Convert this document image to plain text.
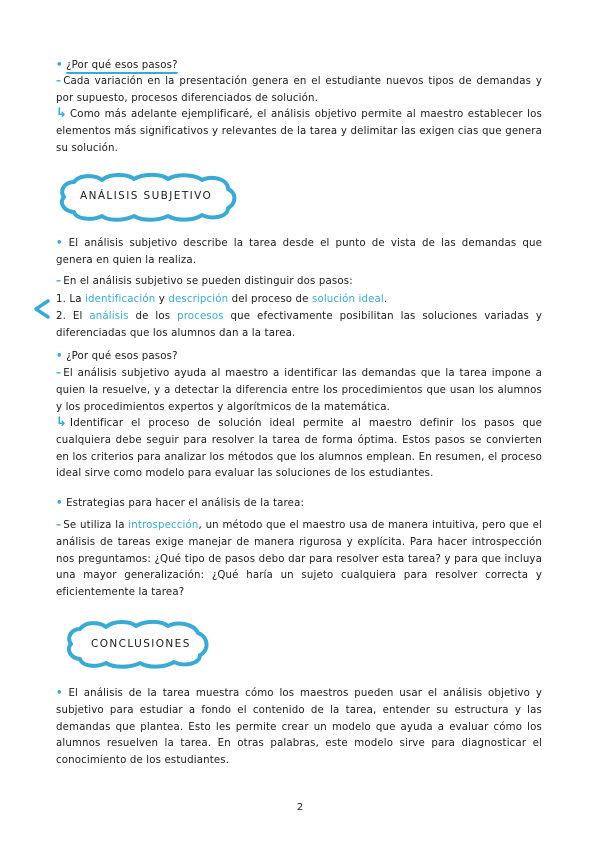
• ¿Por qué esos pasos?
– Cada variación en la presentación genera en el estudiante nuevos tipos de demandas y por supuesto, procesos diferenciados de solución.
↳ Como más adelante ejemplificaré, el análisis objetivo permite al maestro establecer los elementos más significativos y relevantes de la tarea y delimitar las exigen cias que genera su solución.
ANÁLISIS SUBJETIVO
• El análisis subjetivo describe la tarea desde el punto de vista de las demandas que genera en quien la realiza.
– En el análisis subjetivo se pueden distinguir dos pasos:
1. La identificación y descripción del proceso de solución ideal.
2. El análisis de los procesos que efectivamente posibilitan las soluciones variadas y diferenciadas que los alumnos dan a la tarea.
• ¿Por qué esos pasos?
– El análisis subjetivo ayuda al maestro a identificar las demandas que la tarea impone a quien la resuelve, y a detectar la diferencia entre los procedimientos que usan los alumnos y los procedimientos expertos y algorítmicos de la matemática.
↳ Identificar el proceso de solución ideal permite al maestro definir los pasos que cualquiera debe seguir para resolver la tarea de forma óptima. Estos pasos se convierten en los criterios para analizar los métodos que los alumnos emplean. En resumen, el proceso ideal sirve como modelo para evaluar las soluciones de los estudiantes.
• Estrategias para hacer el análisis de la tarea:
– Se utiliza la introspección, un método que el maestro usa de manera intuitiva, pero que el análisis de tareas exige manejar de manera rigurosa y explícita. Para hacer introspección nos preguntamos: ¿Qué tipo de pasos debo dar para resolver esta tarea? y para que incluya una mayor generalización: ¿Qué haría un sujeto cualquiera para resolver correcta y eficientemente la tarea?
CONCLUSIONES
• El análisis de la tarea muestra cómo los maestros pueden usar el análisis objetivo y subjetivo para estudiar a fondo el contenido de la tarea, entender su estructura y las demandas que plantea. Esto les permite crear un modelo que ayuda a evaluar cómo los alumnos resuelven la tarea. En otras palabras, este modelo sirve para diagnosticar el conocimiento de los estudiantes.
2
